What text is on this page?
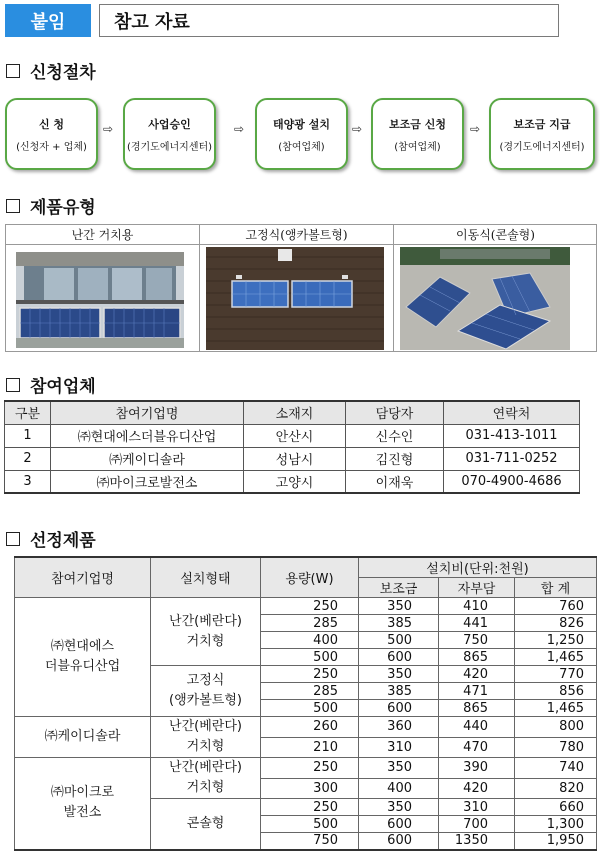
붙임	참고 자료
신청절차
신 청
(신청자 + 업체)
⇨	사업승인
(경기도에너지센터)
⇨	태양광 설치
(참여업체)
⇨ 보조금 신청
(참여업체)
⇨	보조금 지급
(경기도에너지센터)
제품유형
난간 거치용	고정식(앵카볼트형)	이동식(콘솔형)
참여업체
구분	참여기업명	소재지	담당자	연락처
1	㈜현대에스더블유디산업	안산시	신수인	031-413-1011
2	㈜케이디솔라	성남시	김진형	031-711-0252
3	㈜마이크로발전소	고양시	이재욱	070-4900-4686
선정제품
참여기업명	설치형태	용량(W)	설치비(단위:천원)		
			보조금	자부담	합 계
㈜현대에스
더블유디산업	난간(베란다)
거치형	250	350	410	760
		285	385	441	826
		400	500	750	1,250
		500	600	865	1,465
	고정식
(앵카볼트형)	250	350	420	770
		285	385	471	856
		500	600	865	1,465
㈜케이디솔라	난간(베란다)
거치형	260	360	440	800
		210	310	470	780
㈜마이크로
발전소	난간(베란다)
거치형	250	350	390	740
		300	400	420	820
	콘솔형	250	350	310	660
		500	600	700	1,300
		750	600	1350	1,950
